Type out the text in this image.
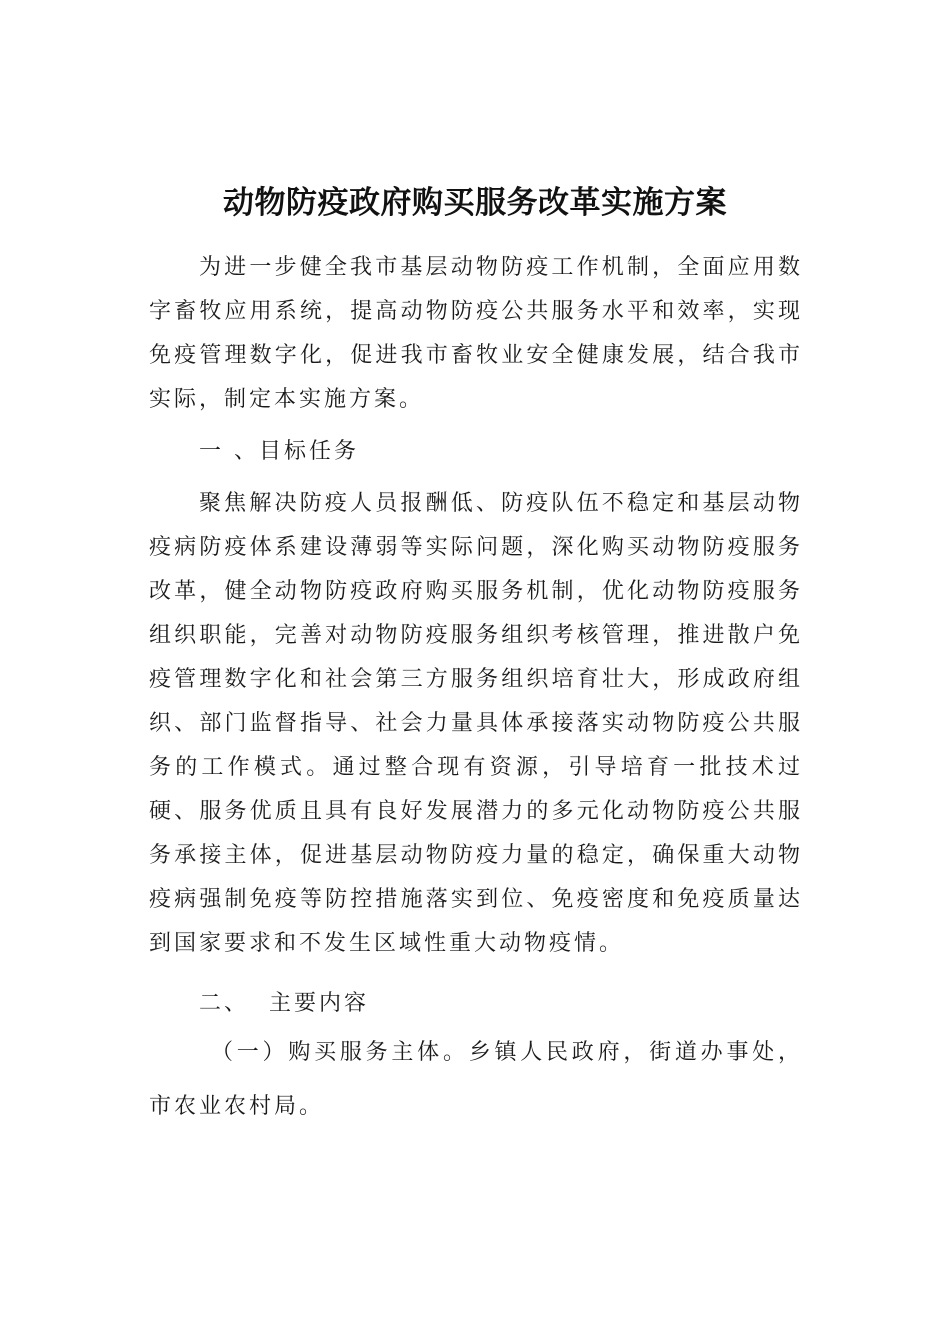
动物防疫政府购买服务改革实施方案

为进一步健全我市基层动物防疫工作机制，全面应用数字畜牧应用系统，提高动物防疫公共服务水平和效率，实现免疫管理数字化，促进我市畜牧业安全健康发展，结合我市实际，制定本实施方案。

一 、目标任务

聚焦解决防疫人员报酬低、防疫队伍不稳定和基层动物疫病防疫体系建设薄弱等实际问题，深化购买动物防疫服务改革，健全动物防疫政府购买服务机制，优化动物防疫服务组织职能，完善对动物防疫服务组织考核管理，推进散户免疫管理数字化和社会第三方服务组织培育壮大，形成政府组织、部门监督指导、社会力量具体承接落实动物防疫公共服务的工作模式。通过整合现有资源，引导培育一批技术过硬、服务优质且具有良好发展潜力的多元化动物防疫公共服务承接主体，促进基层动物防疫力量的稳定，确保重大动物疫病强制免疫等防控措施落实到位、免疫密度和免疫质量达到国家要求和不发生区域性重大动物疫情。

二、  主要内容

（一）购买服务主体。乡镇人民政府，街道办事处，市农业农村局。
